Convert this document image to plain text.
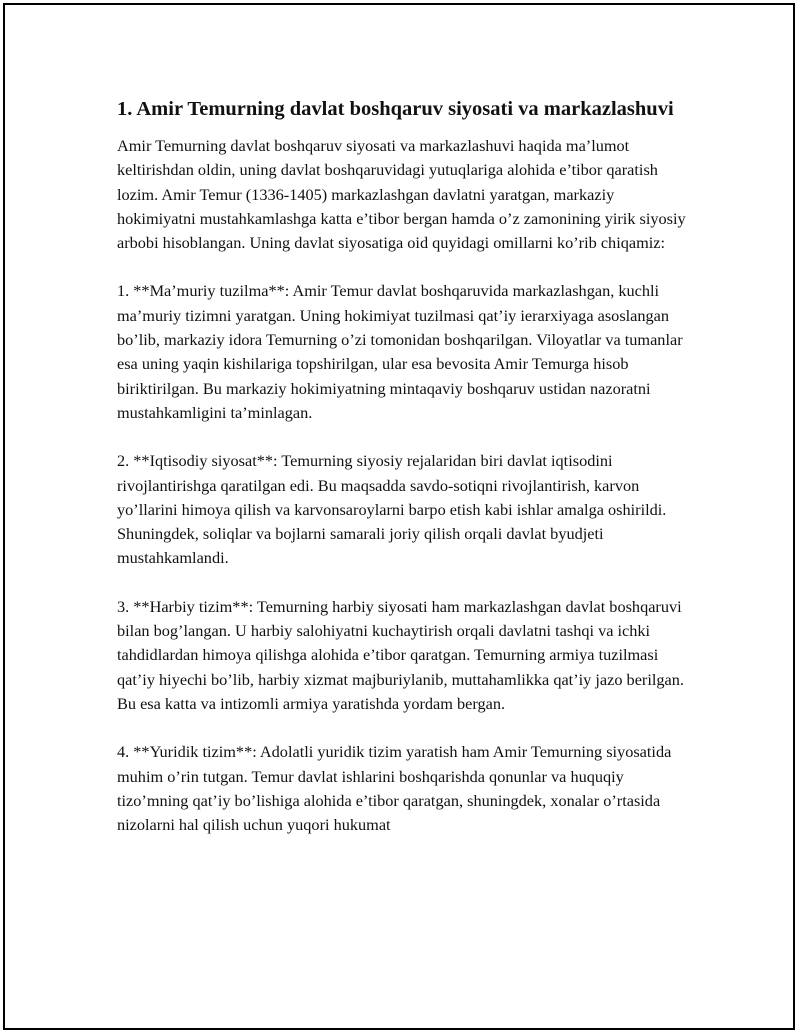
1. Amir Temurning davlat boshqaruv siyosati va markazlashuvi

Amir Temurning davlat boshqaruv siyosati va markazlashuvi haqida ma’lumot keltirishdan oldin, uning davlat boshqaruvidagi yutuqlariga alohida e’tibor qaratish lozim. Amir Temur (1336-1405) markazlashgan davlatni yaratgan, markaziy hokimiyatni mustahkamlashga katta e’tibor bergan hamda o’z zamonining yirik siyosiy arbobi hisoblangan. Uning davlat siyosatiga oid quyidagi omillarni ko’rib chiqamiz:

1. **Ma’muriy tuzilma**: Amir Temur davlat boshqaruvida markazlashgan, kuchli ma’muriy tizimni yaratgan. Uning hokimiyat tuzilmasi qat’iy ierarxiyaga asoslangan bo’lib, markaziy idora Temurning o’zi tomonidan boshqarilgan. Viloyatlar va tumanlar esa uning yaqin kishilariga topshirilgan, ular esa bevosita Amir Temurga hisob biriktirilgan. Bu markaziy hokimiyatning mintaqaviy boshqaruv ustidan nazoratni mustahkamligini ta’minlagan.

2. **Iqtisodiy siyosat**: Temurning siyosiy rejalaridan biri davlat iqtisodini rivojlantirishga qaratilgan edi. Bu maqsadda savdo-sotiqni rivojlantirish, karvon yo’llarini himoya qilish va karvonsaroylarni barpo etish kabi ishlar amalga oshirildi. Shuningdek, soliqlar va bojlarni samarali joriy qilish orqali davlat byudjeti mustahkamlandi.

3. **Harbiy tizim**: Temurning harbiy siyosati ham markazlashgan davlat boshqaruvi bilan bog’langan. U harbiy salohiyatni kuchaytirish orqali davlatni tashqi va ichki tahdidlardan himoya qilishga alohida e’tibor qaratgan. Temurning armiya tuzilmasi qat’iy hiyechi bo’lib, harbiy xizmat majburiylanib, muttahamlikka qat’iy jazo berilgan. Bu esa katta va intizomli armiya yaratishda yordam bergan.

4. **Yuridik tizim**: Adolatli yuridik tizim yaratish ham Amir Temurning siyosatida muhim o’rin tutgan. Temur davlat ishlarini boshqarishda qonunlar va huquqiy tizo’mning qat’iy bo’lishiga alohida e’tibor qaratgan, shuningdek, xonalar o’rtasida nizolarni hal qilish uchun yuqori hukumat
